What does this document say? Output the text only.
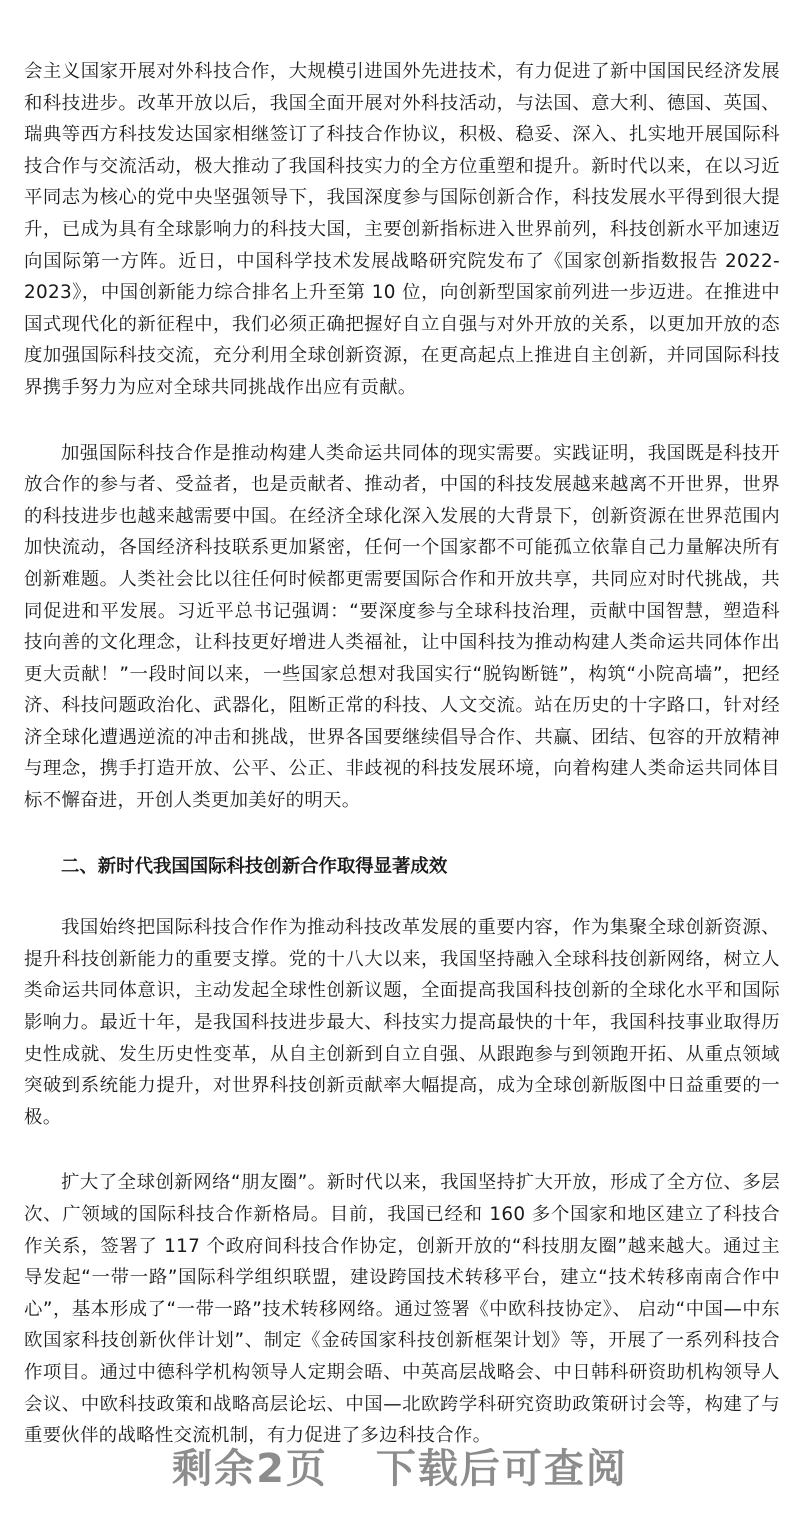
会主义国家开展对外科技合作，大规模引进国外先进技术，有力促进了新中国国民经济发展和科技进步。改革开放以后，我国全面开展对外科技活动，与法国、意大利、德国、英国、瑞典等西方科技发达国家相继签订了科技合作协议，积极、稳妥、深入、扎实地开展国际科技合作与交流活动，极大推动了我国科技实力的全方位重塑和提升。新时代以来，在以习近平同志为核心的党中央坚强领导下，我国深度参与国际创新合作，科技发展水平得到很大提升，已成为具有全球影响力的科技大国，主要创新指标进入世界前列，科技创新水平加速迈向国际第一方阵。近日，中国科学技术发展战略研究院发布了《国家创新指数报告 2022-2023》，中国创新能力综合排名上升至第 10 位，向创新型国家前列进一步迈进。在推进中国式现代化的新征程中，我们必须正确把握好自立自强与对外开放的关系，以更加开放的态度加强国际科技交流，充分利用全球创新资源，在更高起点上推进自主创新，并同国际科技界携手努力为应对全球共同挑战作出应有贡献。

加强国际科技合作是推动构建人类命运共同体的现实需要。实践证明，我国既是科技开放合作的参与者、受益者，也是贡献者、推动者，中国的科技发展越来越离不开世界，世界的科技进步也越来越需要中国。在经济全球化深入发展的大背景下，创新资源在世界范围内加快流动，各国经济科技联系更加紧密，任何一个国家都不可能孤立依靠自己力量解决所有创新难题。人类社会比以往任何时候都更需要国际合作和开放共享，共同应对时代挑战，共同促进和平发展。习近平总书记强调：“要深度参与全球科技治理，贡献中国智慧，塑造科技向善的文化理念，让科技更好增进人类福祉，让中国科技为推动构建人类命运共同体作出更大贡献！”一段时间以来，一些国家总想对我国实行“脱钩断链”，构筑“小院高墙”，把经济、科技问题政治化、武器化，阻断正常的科技、人文交流。站在历史的十字路口，针对经济全球化遭遇逆流的冲击和挑战，世界各国要继续倡导合作、共赢、团结、包容的开放精神与理念，携手打造开放、公平、公正、非歧视的科技发展环境，向着构建人类命运共同体目标不懈奋进，开创人类更加美好的明天。

二、新时代我国国际科技创新合作取得显著成效

我国始终把国际科技合作作为推动科技改革发展的重要内容，作为集聚全球创新资源、提升科技创新能力的重要支撑。党的十八大以来，我国坚持融入全球科技创新网络，树立人类命运共同体意识，主动发起全球性创新议题，全面提高我国科技创新的全球化水平和国际影响力。最近十年，是我国科技进步最大、科技实力提高最快的十年，我国科技事业取得历史性成就、发生历史性变革，从自主创新到自立自强、从跟跑参与到领跑开拓、从重点领域突破到系统能力提升，对世界科技创新贡献率大幅提高，成为全球创新版图中日益重要的一极。

扩大了全球创新网络“朋友圈”。新时代以来，我国坚持扩大开放，形成了全方位、多层次、广领域的国际科技合作新格局。目前，我国已经和 160 多个国家和地区建立了科技合作关系，签署了 117 个政府间科技合作协定，创新开放的“科技朋友圈”越来越大。通过主导发起“一带一路”国际科学组织联盟，建设跨国技术转移平台，建立“技术转移南南合作中心”，基本形成了“一带一路”技术转移网络。通过签署《中欧科技协定》、 启动“中国—中东欧国家科技创新伙伴计划”、制定《金砖国家科技创新框架计划》等，开展了一系列科技合作项目。通过中德科学机构领导人定期会晤、中英高层战略会、中日韩科研资助机构领导人会议、中欧科技政策和战略高层论坛、中国—北欧跨学科研究资助政策研讨会等，构建了与重要伙伴的战略性交流机制，有力促进了多边科技合作。

剩余2页 下载后可查阅
